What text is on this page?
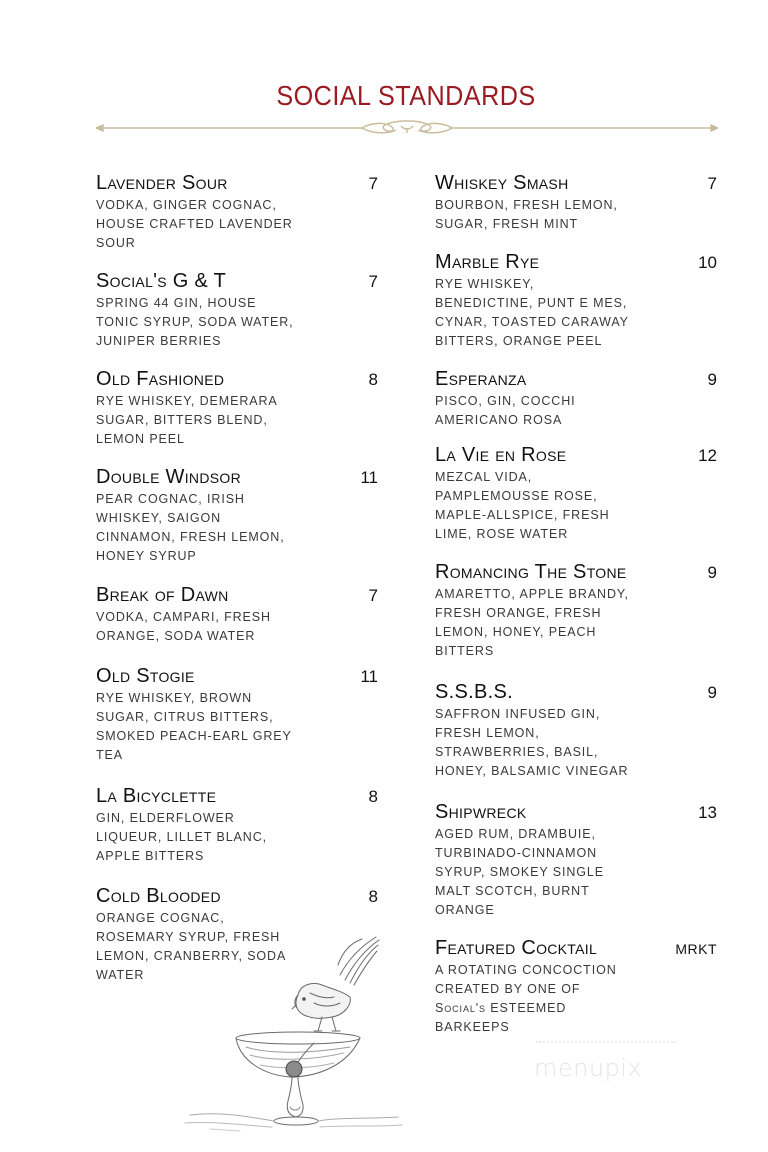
SOCIAL STANDARDS
Lavender Sour	7
VODKA, GINGER COGNAC, HOUSE CRAFTED LAVENDER SOUR
Social's G & T	7
SPRING 44 GIN, HOUSE TONIC SYRUP, SODA WATER, JUNIPER BERRIES
Old Fashioned	8
RYE WHISKEY, DEMERARA SUGAR, BITTERS BLEND, LEMON PEEL
Double Windsor	11
PEAR COGNAC, IRISH WHISKEY, SAIGON CINNAMON, FRESH LEMON, HONEY SYRUP
Break of Dawn	7
VODKA, CAMPARI, FRESH ORANGE, SODA WATER
Old Stogie	11
RYE WHISKEY, BROWN SUGAR, CITRUS BITTERS, SMOKED PEACH-EARL GREY TEA
La Bicyclette	8
GIN, ELDERFLOWER LIQUEUR, LILLET BLANC, APPLE BITTERS
Cold Blooded	8
ORANGE COGNAC, ROSEMARY SYRUP, FRESH LEMON, CRANBERRY, SODA WATER
Whiskey Smash	7
BOURBON, FRESH LEMON, SUGAR, FRESH MINT
Marble Rye	10
RYE WHISKEY, BENEDICTINE, PUNT E MES, CYNAR, TOASTED CARAWAY BITTERS, ORANGE PEEL
Esperanza	9
PISCO, GIN, COCCHI AMERICANO ROSA
La Vie en Rose	12
MEZCAL VIDA, PAMPLEMOUSSE ROSE, MAPLE-ALLSPICE, FRESH LIME, ROSE WATER
Romancing The Stone	9
AMARETTO, APPLE BRANDY, FRESH ORANGE, FRESH LEMON, HONEY, PEACH BITTERS
S.S.B.S.	9
SAFFRON INFUSED GIN, FRESH LEMON, STRAWBERRIES, BASIL, HONEY, BALSAMIC VINEGAR
Shipwreck	13
AGED RUM, DRAMBUIE, TURBINADO-CINNAMON SYRUP, SMOKEY SINGLE MALT SCOTCH, BURNT ORANGE
Featured Cocktail	MRKT
A ROTATING CONCOCTION CREATED BY ONE OF Social's ESTEEMED BARKEEPS
menupix
